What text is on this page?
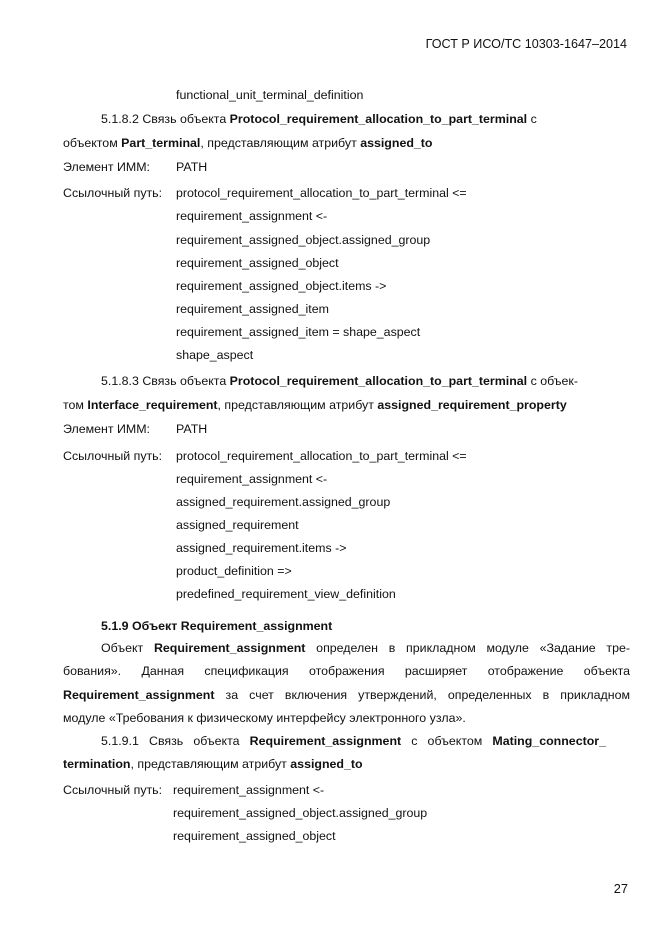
ГОСТ Р ИСО/ТС 10303-1647–2014
functional_unit_terminal_definition
5.1.8.2 Связь объекта Protocol_requirement_allocation_to_part_terminal с
объектом Part_terminal, представляющим атрибут assigned_to
Элемент ИММ: PATH
Ссылочный путь: protocol_requirement_allocation_to_part_terminal <=
requirement_assignment <-
requirement_assigned_object.assigned_group
requirement_assigned_object
requirement_assigned_object.items ->
requirement_assigned_item
requirement_assigned_item = shape_aspect
shape_aspect
5.1.8.3 Связь объекта Protocol_requirement_allocation_to_part_terminal с объек-
том Interface_requirement, представляющим атрибут assigned_requirement_property
Элемент ИММ: PATH
Ссылочный путь: protocol_requirement_allocation_to_part_terminal <=
requirement_assignment <-
assigned_requirement.assigned_group
assigned_requirement
assigned_requirement.items ->
product_definition =>
predefined_requirement_view_definition
5.1.9 Объект Requirement_assignment
Объект Requirement_assignment определен в прикладном модуле «Задание тре-
бования». Данная спецификация отображения расширяет отображение объекта
Requirement_assignment за счет включения утверждений, определенных в прикладном
модуле «Требования к физическому интерфейсу электронного узла».
5.1.9.1 Связь объекта Requirement_assignment с объектом Mating_connector_
termination, представляющим атрибут assigned_to
Ссылочный путь: requirement_assignment <-
requirement_assigned_object.assigned_group
requirement_assigned_object
27
